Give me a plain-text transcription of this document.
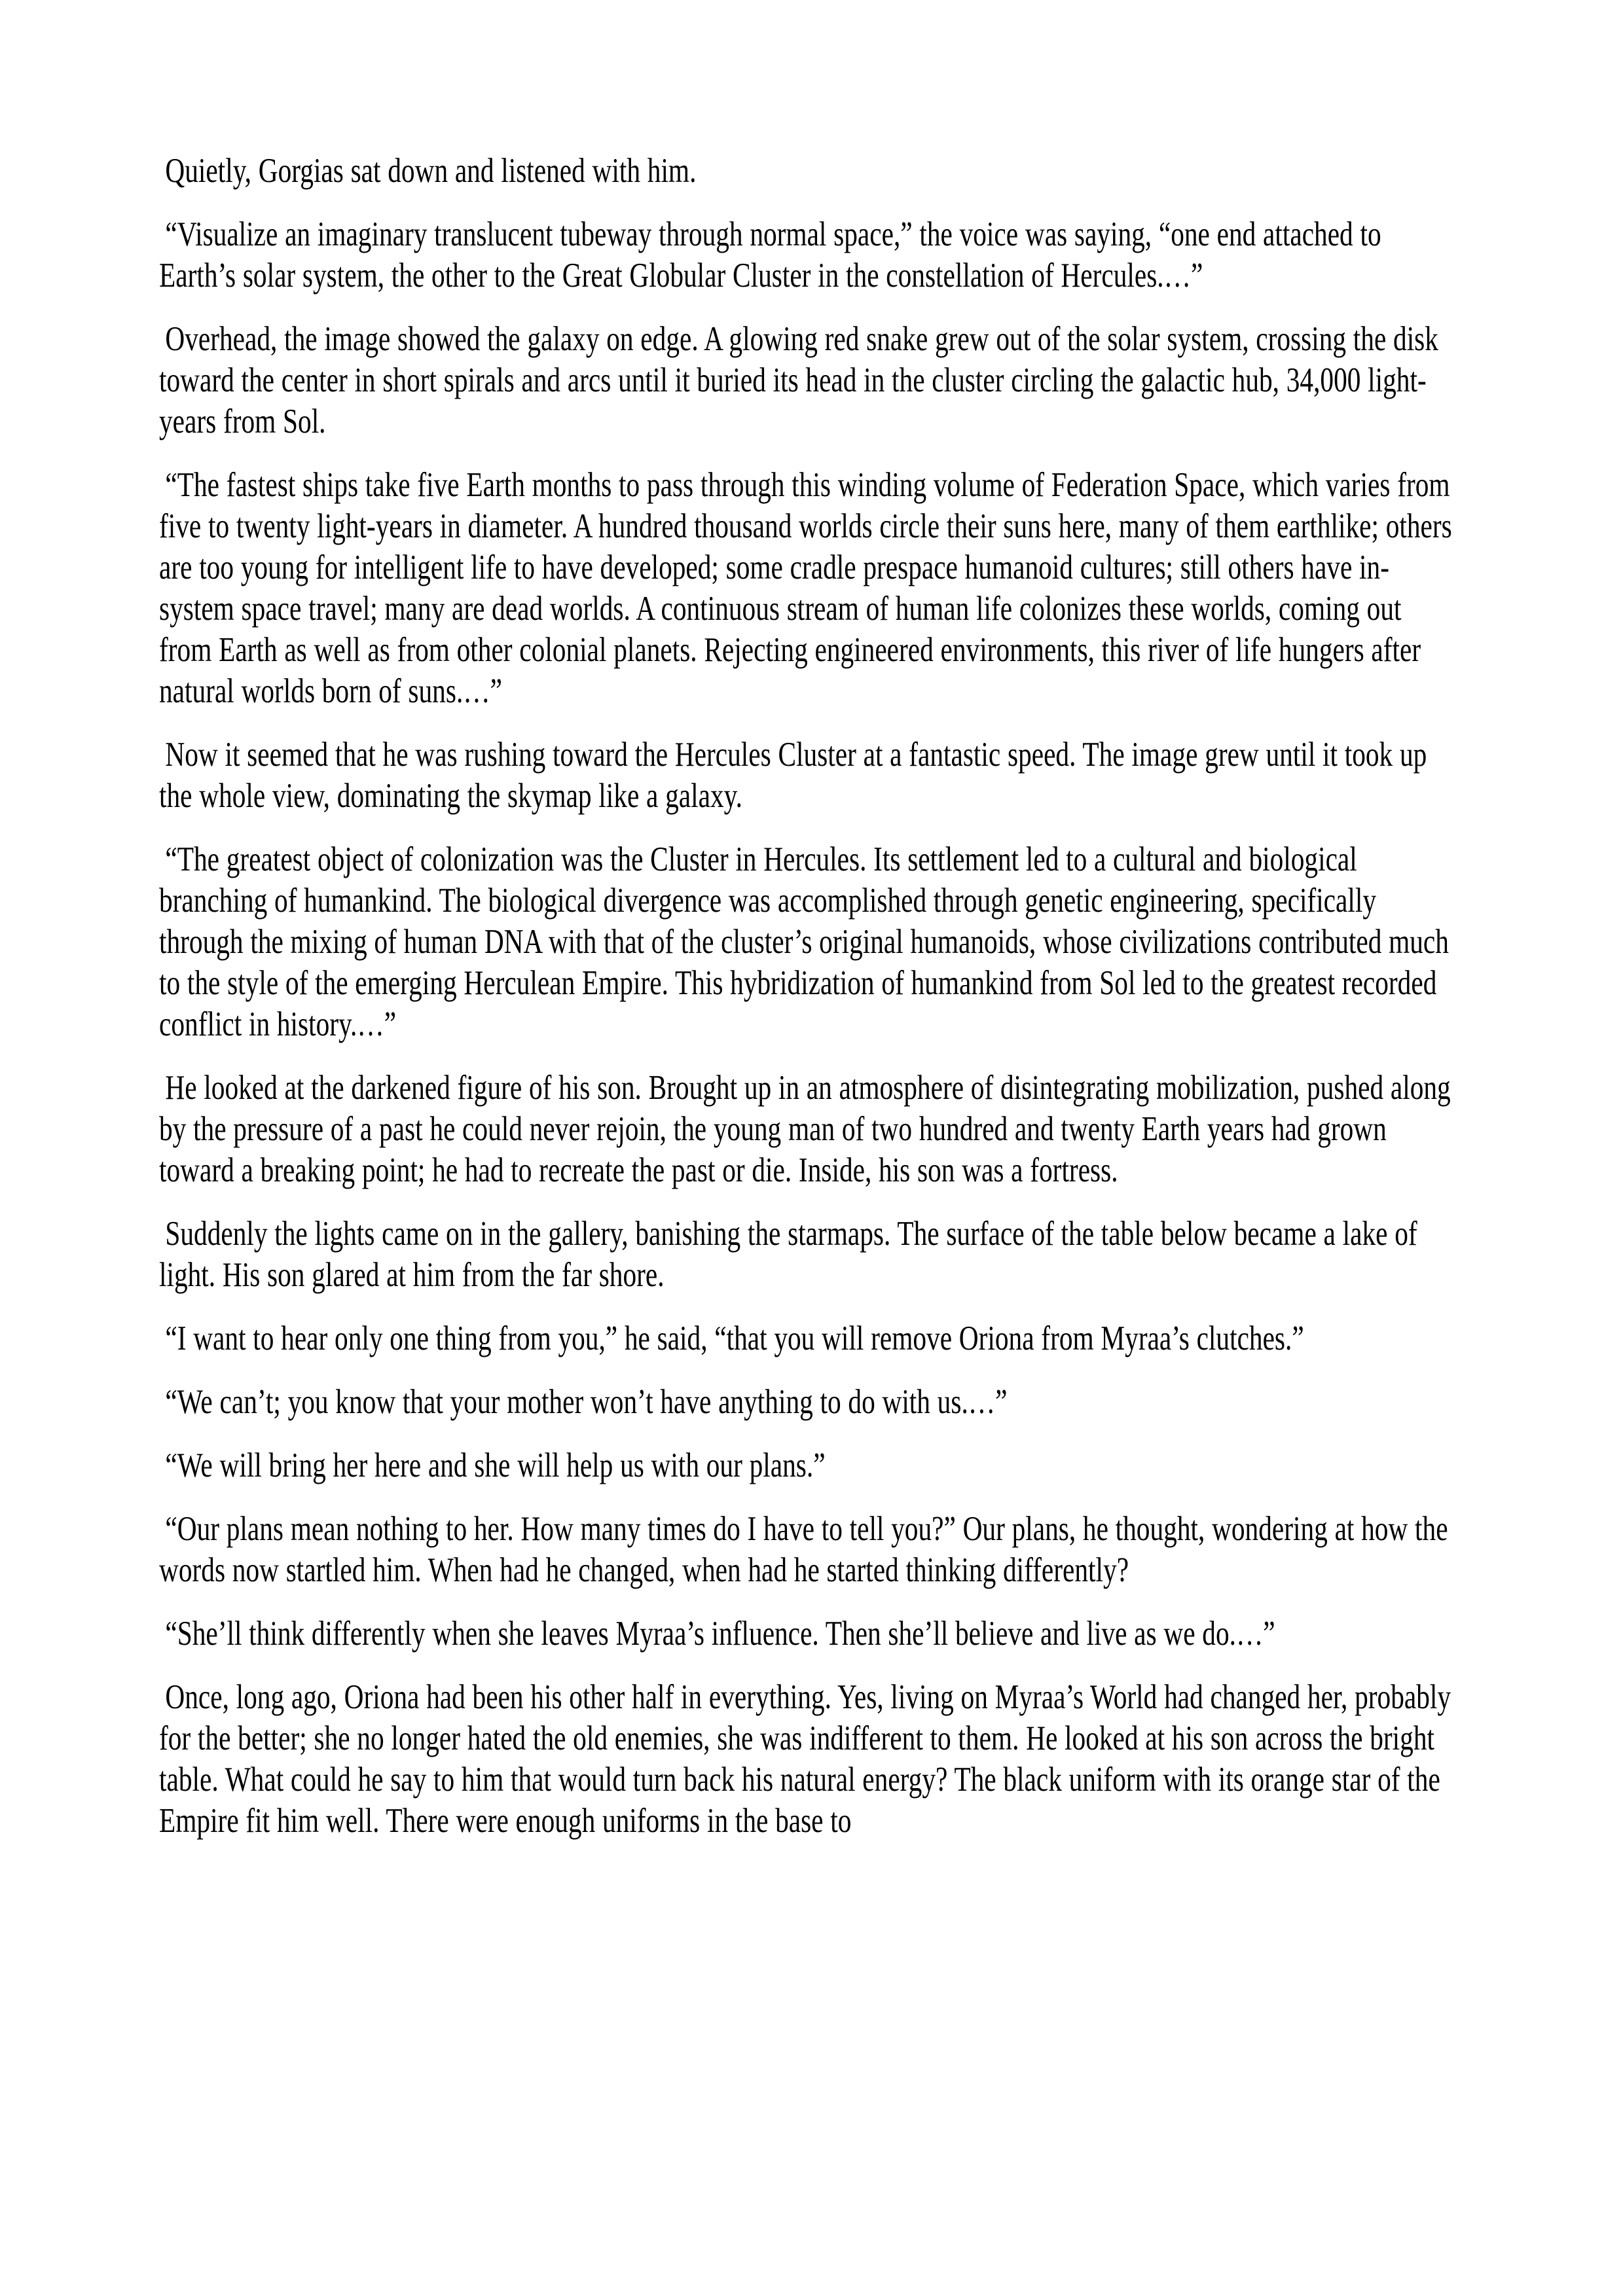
Quietly, Gorgias sat down and listened with him.

“Visualize an imaginary translucent tubeway through normal space,” the voice was saying, “one end attached to Earth’s solar system, the other to the Great Globular Cluster in the constellation of Hercules.…”

Overhead, the image showed the galaxy on edge. A glowing red snake grew out of the solar system, crossing the disk toward the center in short spirals and arcs until it buried its head in the cluster circling the galactic hub, 34,000 light-years from Sol.

“The fastest ships take five Earth months to pass through this winding volume of Federation Space, which varies from five to twenty light-years in diameter. A hundred thousand worlds circle their suns here, many of them earthlike; others are too young for intelligent life to have developed; some cradle prespace humanoid cultures; still others have in-system space travel; many are dead worlds. A continuous stream of human life colonizes these worlds, coming out from Earth as well as from other colonial planets. Rejecting engineered environments, this river of life hungers after natural worlds born of suns.…”

Now it seemed that he was rushing toward the Hercules Cluster at a fantastic speed. The image grew until it took up the whole view, dominating the skymap like a galaxy.

“The greatest object of colonization was the Cluster in Hercules. Its settlement led to a cultural and biological branching of humankind. The biological divergence was accomplished through genetic engineering, specifically through the mixing of human DNA with that of the cluster’s original humanoids, whose civilizations contributed much to the style of the emerging Herculean Empire. This hybridization of humankind from Sol led to the greatest recorded conflict in history.…”

He looked at the darkened figure of his son. Brought up in an atmosphere of disintegrating mobilization, pushed along by the pressure of a past he could never rejoin, the young man of two hundred and twenty Earth years had grown toward a breaking point; he had to recreate the past or die. Inside, his son was a fortress.

Suddenly the lights came on in the gallery, banishing the starmaps. The surface of the table below became a lake of light. His son glared at him from the far shore.

“I want to hear only one thing from you,” he said, “that you will remove Oriona from Myraa’s clutches.”

“We can’t; you know that your mother won’t have anything to do with us.…”

“We will bring her here and she will help us with our plans.”

“Our plans mean nothing to her. How many times do I have to tell you?” Our plans, he thought, wondering at how the words now startled him. When had he changed, when had he started thinking differently?

“She’ll think differently when she leaves Myraa’s influence. Then she’ll believe and live as we do.…”

Once, long ago, Oriona had been his other half in everything. Yes, living on Myraa’s World had changed her, probably for the better; she no longer hated the old enemies, she was indifferent to them. He looked at his son across the bright table. What could he say to him that would turn back his natural energy? The black uniform with its orange star of the Empire fit him well. There were enough uniforms in the base to
